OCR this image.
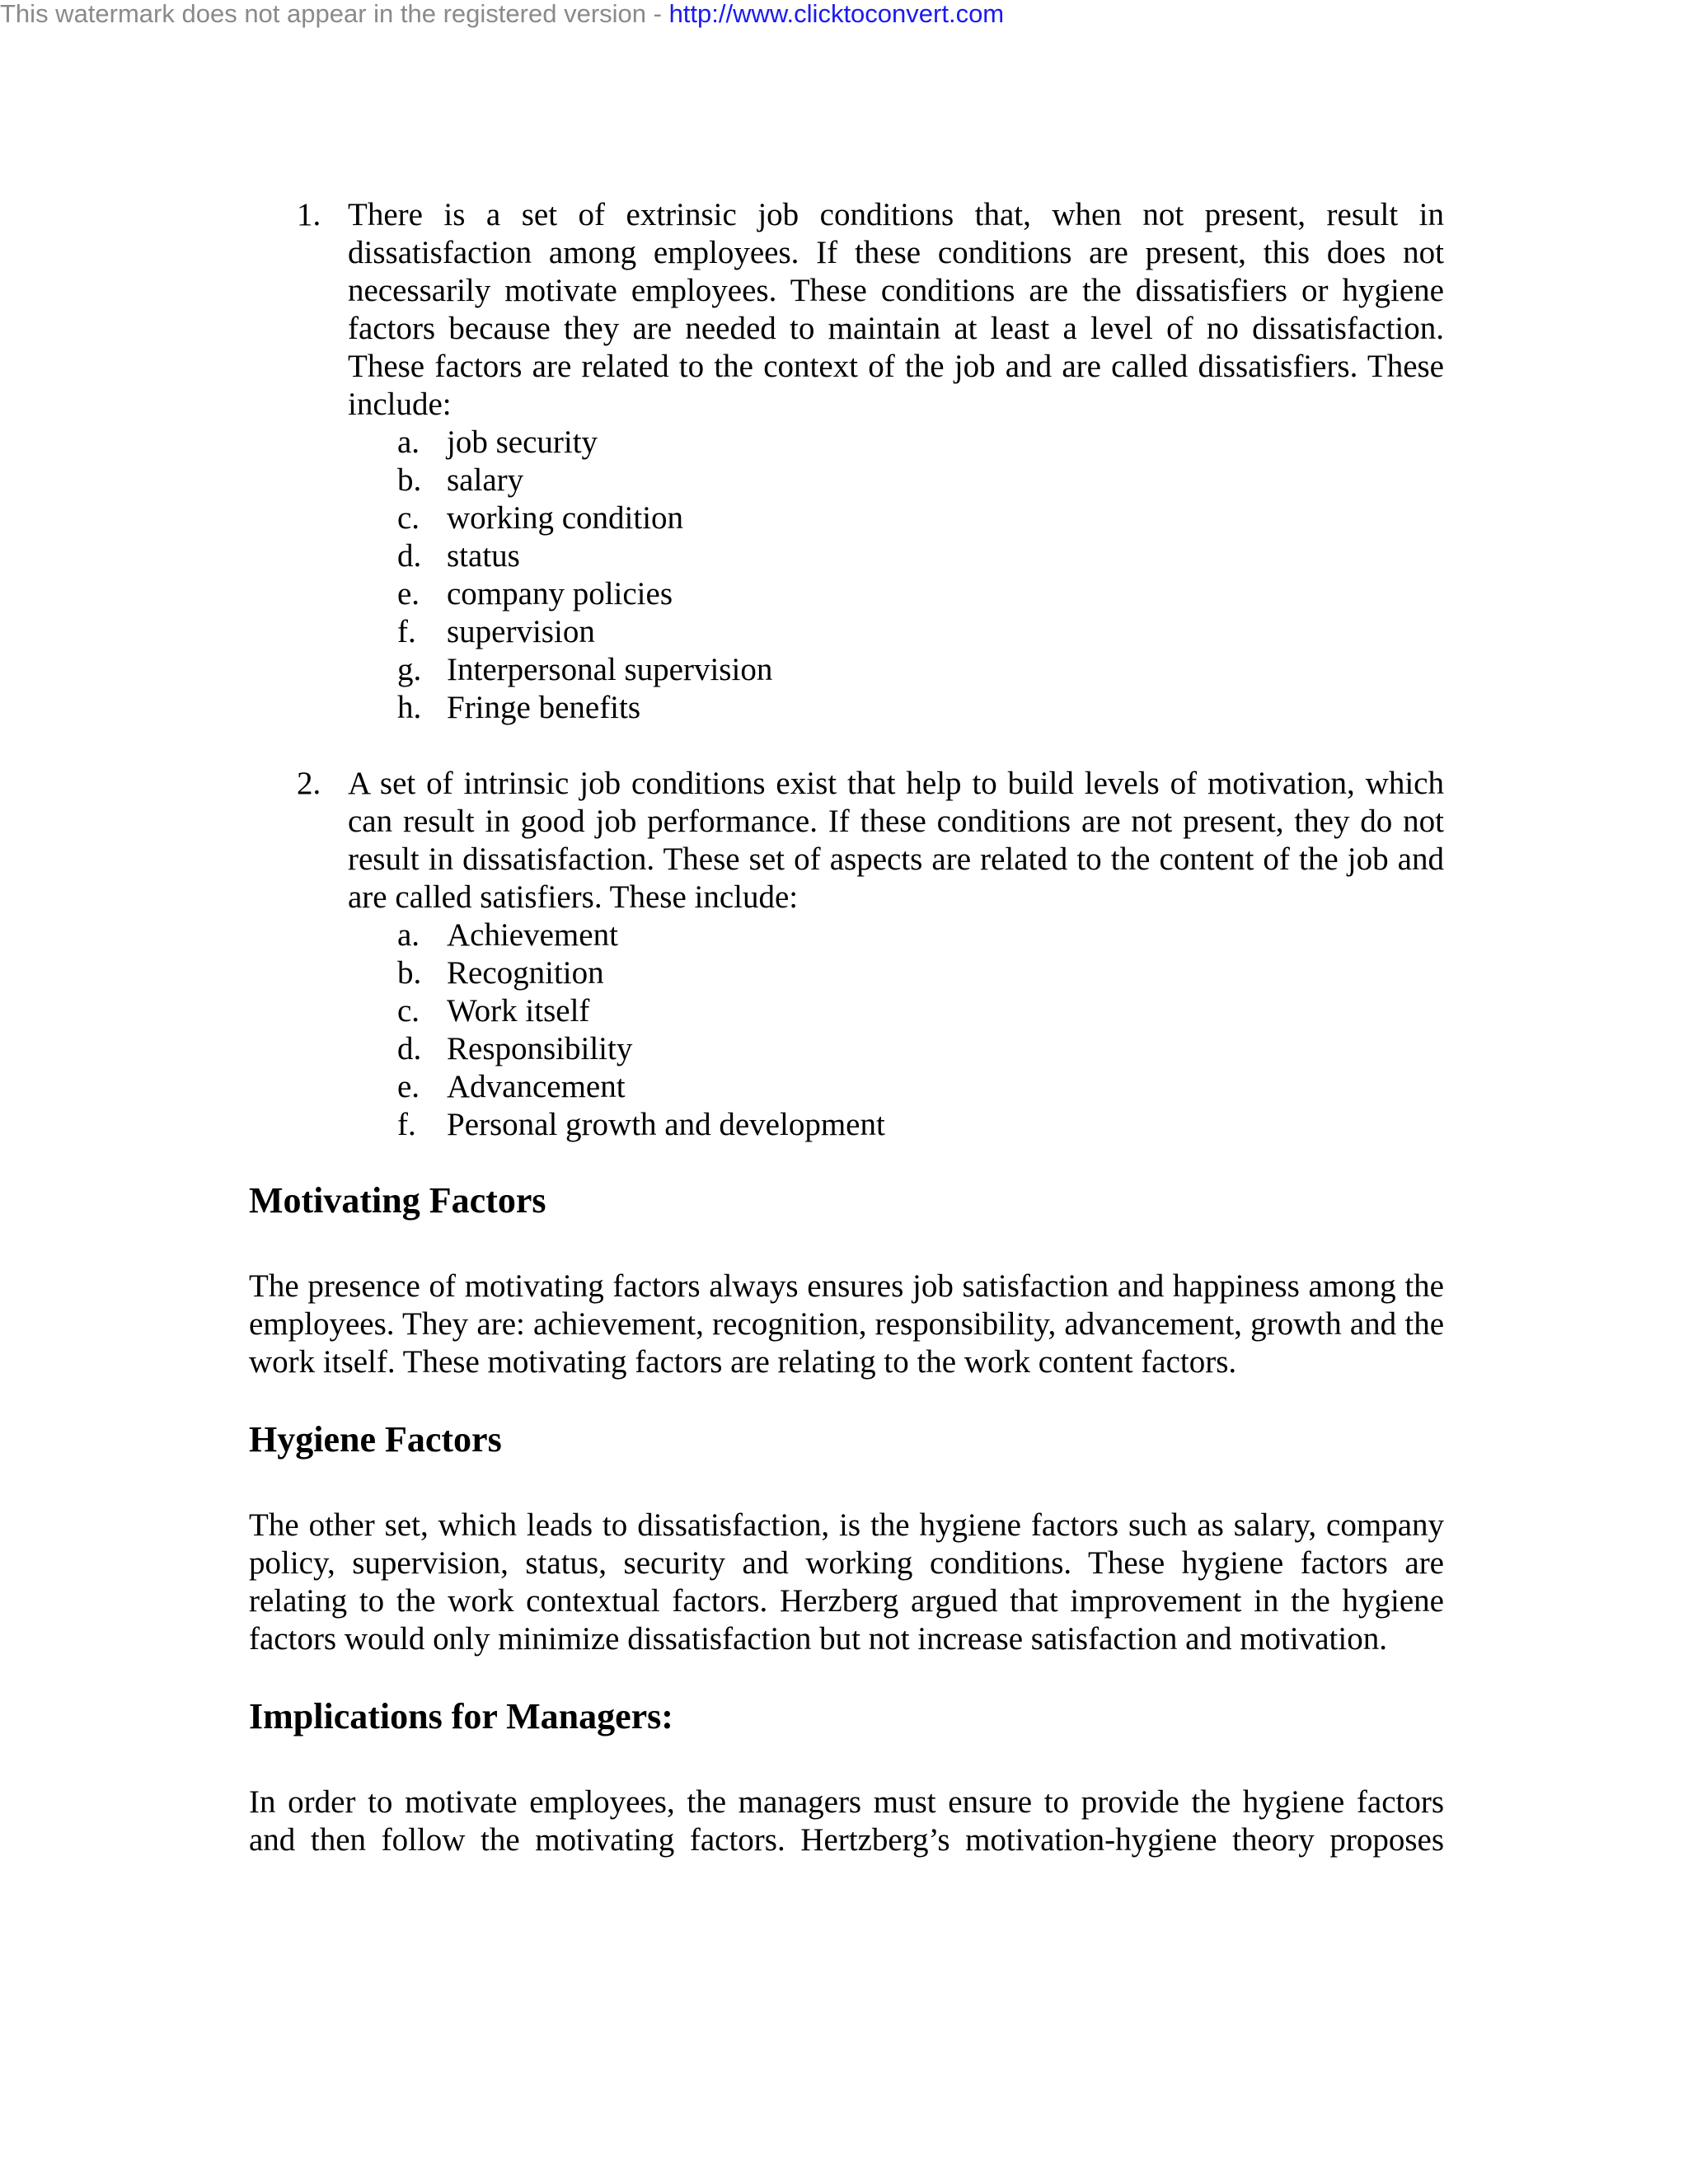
This watermark does not appear in the registered version - http://www.clicktoconvert.com
1. There is a set of extrinsic job conditions that, when not present, result in dissatisfaction among employees. If these conditions are present, this does not necessarily motivate employees. These conditions are the dissatisfiers or hygiene factors because they are needed to maintain at least a level of no dissatisfaction. These factors are related to the context of the job and are called dissatisfiers. These include:
a. job security
b. salary
c. working condition
d. status
e. company policies
f. supervision
g. Interpersonal supervision
h. Fringe benefits
2. A set of intrinsic job conditions exist that help to build levels of motivation, which can result in good job performance. If these conditions are not present, they do not result in dissatisfaction. These set of aspects are related to the content of the job and are called satisfiers. These include:
a. Achievement
b. Recognition
c. Work itself
d. Responsibility
e. Advancement
f. Personal growth and development
Motivating Factors
The presence of motivating factors always ensures job satisfaction and happiness among the employees. They are: achievement, recognition, responsibility, advancement, growth and the work itself. These motivating factors are relating to the work content factors.
Hygiene Factors
The other set, which leads to dissatisfaction, is the hygiene factors such as salary, company policy, supervision, status, security and working conditions. These hygiene factors are relating to the work contextual factors. Herzberg argued that improvement in the hygiene factors would only minimize dissatisfaction but not increase satisfaction and motivation.
Implications for Managers:
In order to motivate employees, the managers must ensure to provide the hygiene factors and then follow the motivating factors. Hertzberg’s motivation-hygiene theory proposes
